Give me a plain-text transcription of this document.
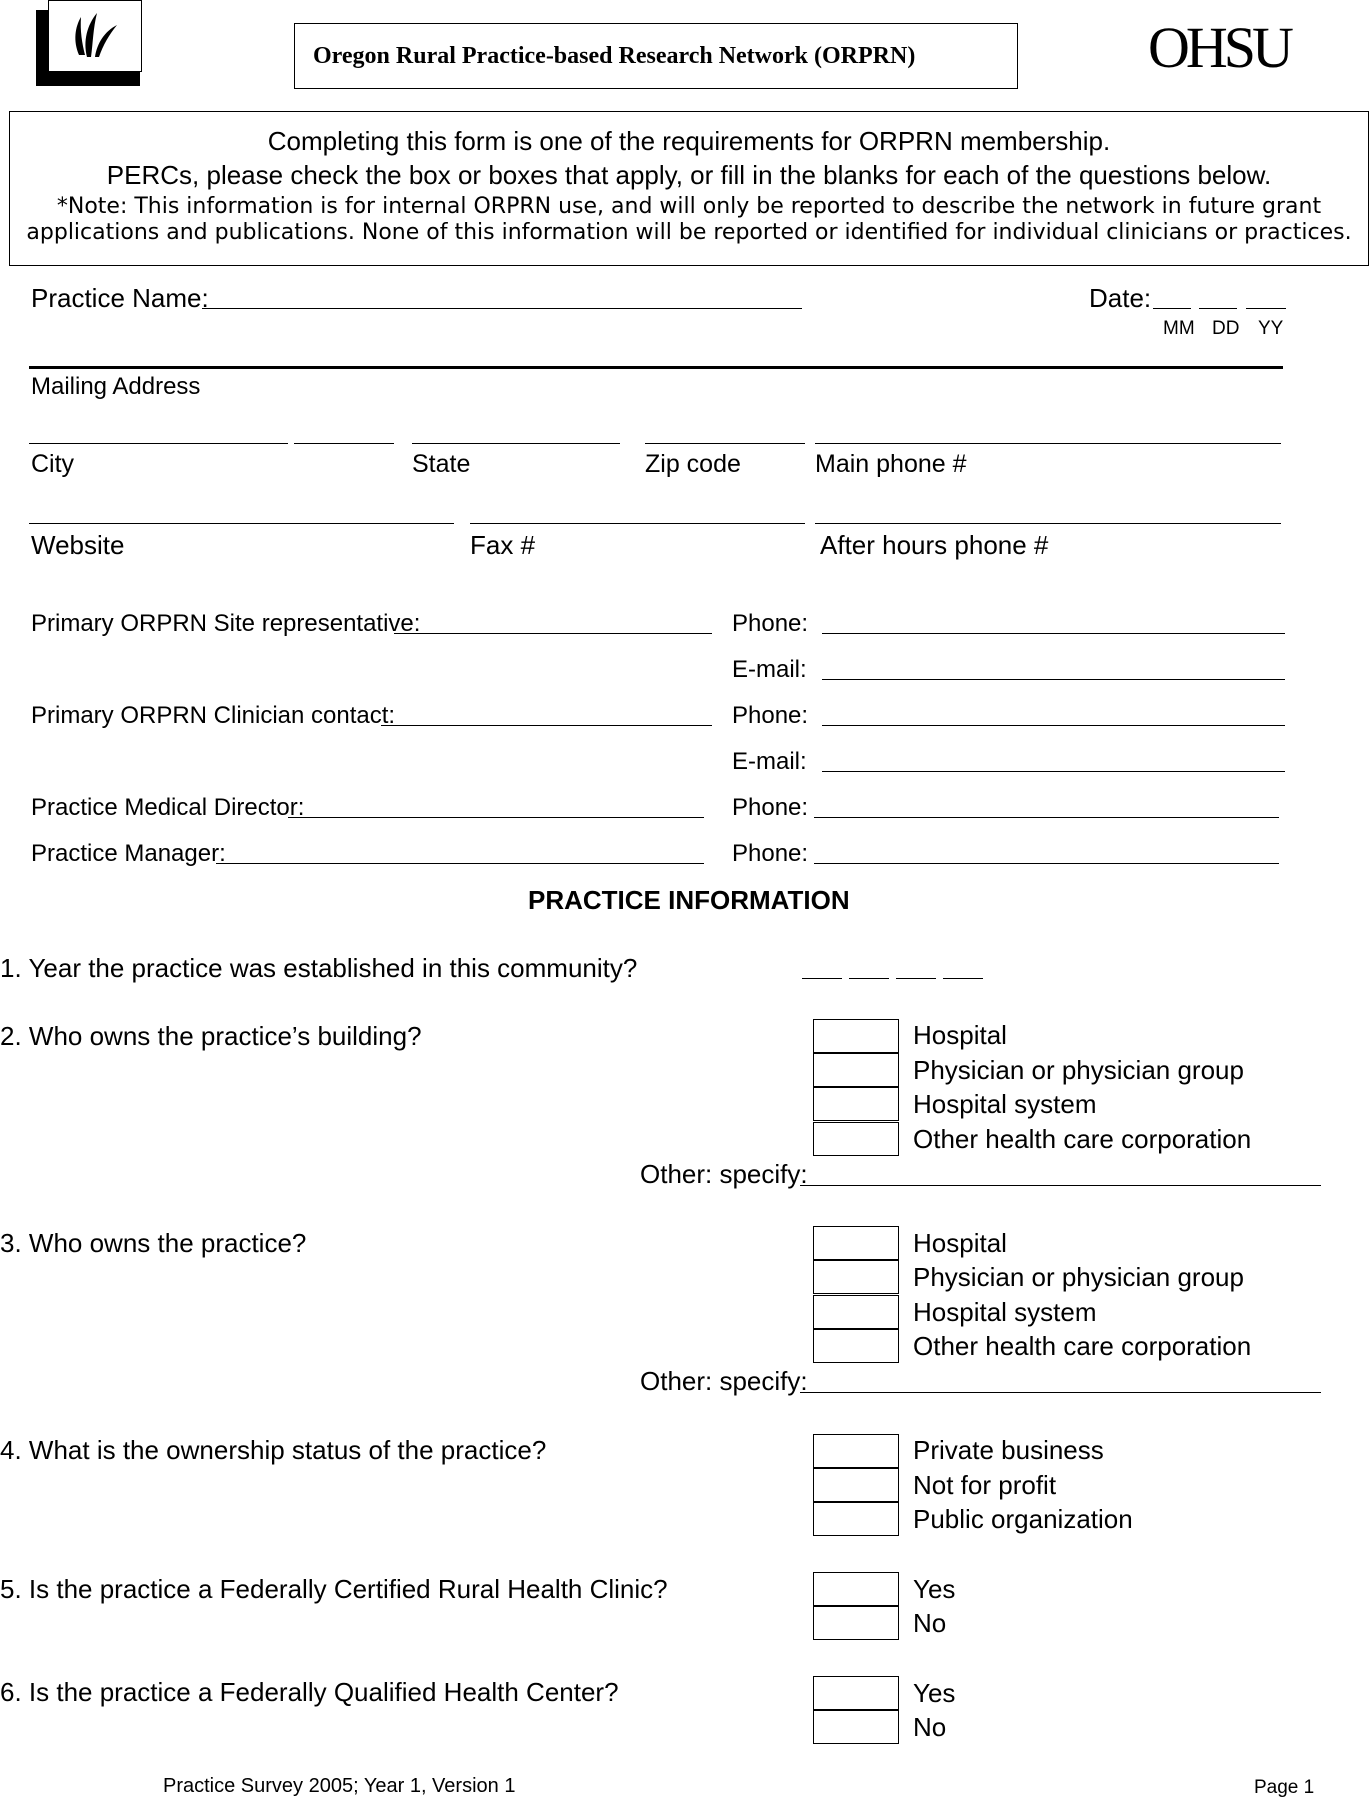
Oregon Rural Practice-based Research Network (ORPRN)	OHSU
Completing this form is one of the requirements for ORPRN membership.
PERCs, please check the box or boxes that apply, or fill in the blanks for each of the questions below.
*Note: This information is for internal ORPRN use, and will only be reported to describe the network in future grant
applications and publications. None of this information will be reported or identified for individual clinicians or practices.
Practice Name:	Date:
MM DD YY
Mailing Address
City	State	Zip code	Main phone #
Website	Fax #	After hours phone #
Primary ORPRN Site representative:	Phone:
E-mail:
Primary ORPRN Clinician contact:	Phone:
E-mail:
Practice Medical Director:	Phone:
Practice Manager:	Phone:
PRACTICE INFORMATION
1. Year the practice was established in this community?
2. Who owns the practice’s building?	Hospital
Physician or physician group
Hospital system
Other health care corporation
Other: specify:
3. Who owns the practice?	Hospital
Physician or physician group
Hospital system
Other health care corporation
Other: specify:
4. What is the ownership status of the practice?	Private business
Not for profit
Public organization
5. Is the practice a Federally Certified Rural Health Clinic?	Yes
No
6. Is the practice a Federally Qualified Health Center?	Yes
No
Practice Survey 2005; Year 1, Version 1	Page 1
